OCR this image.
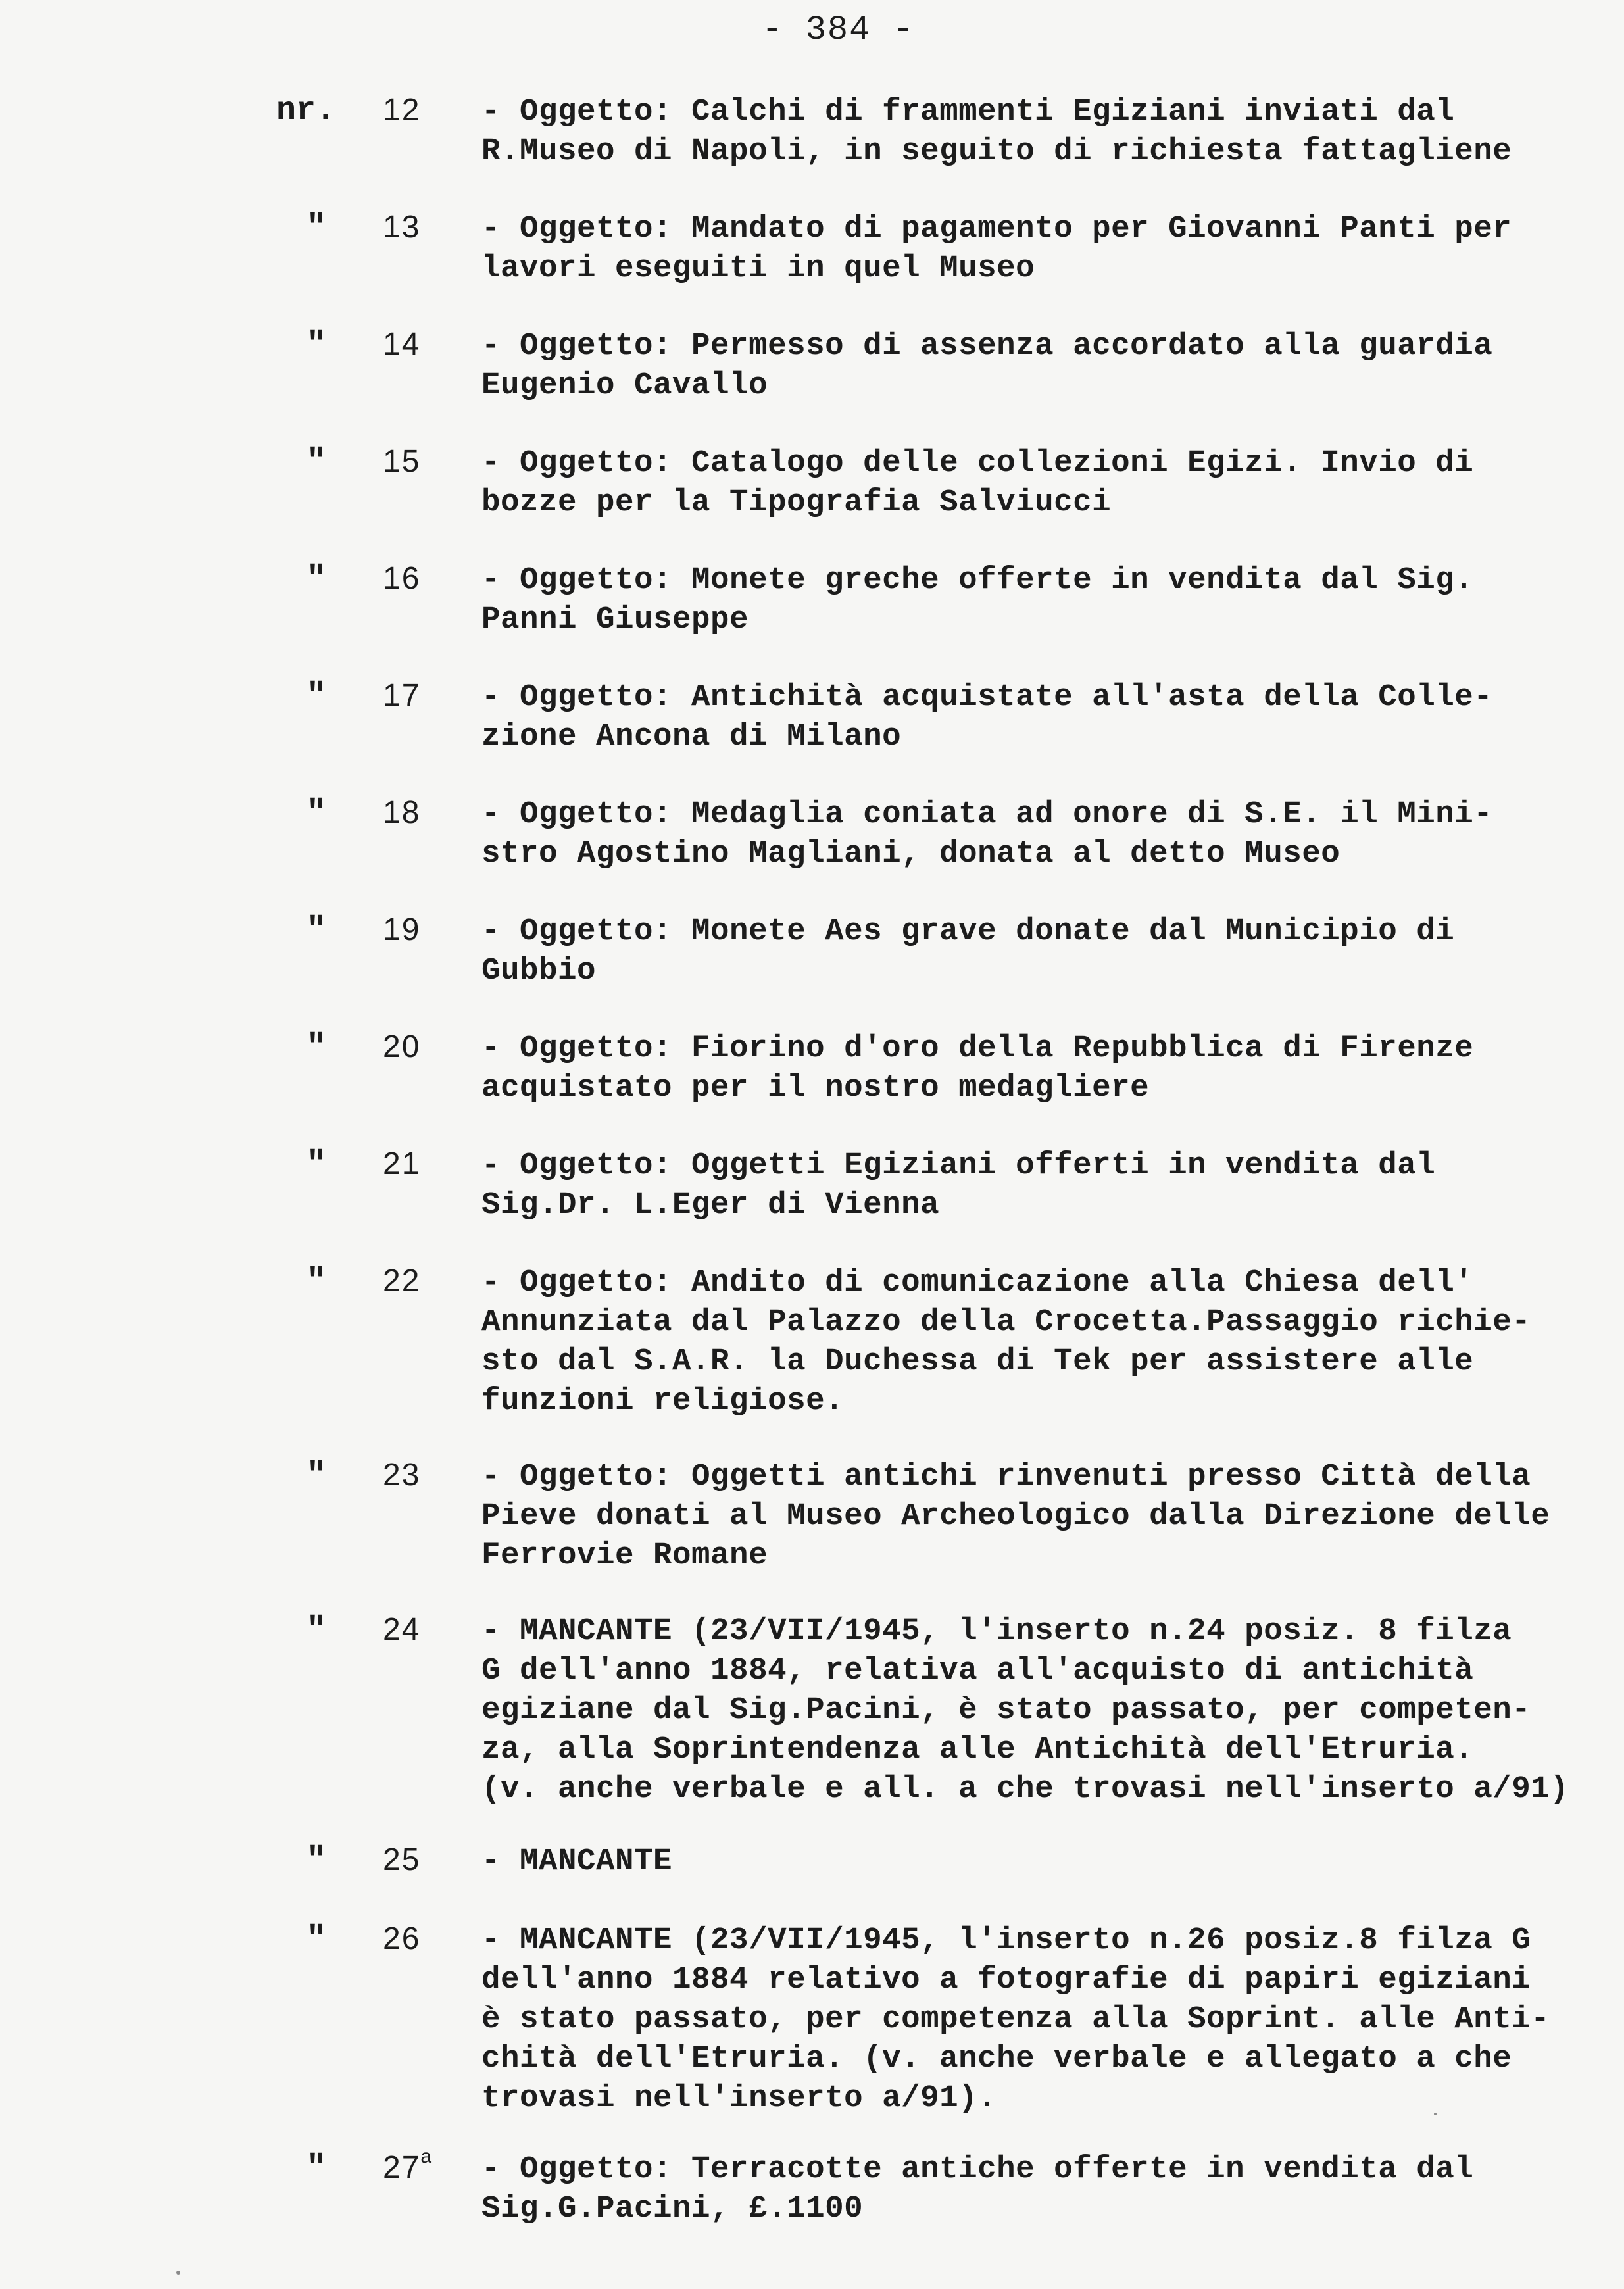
- 384 -
nr. 12 - Oggetto: Calchi di frammenti Egiziani inviati dal
R.Museo di Napoli, in seguito di richiesta fattagliene
" 13 - Oggetto: Mandato di pagamento per Giovanni Panti per
lavori eseguiti in quel Museo
" 14 - Oggetto: Permesso di assenza accordato alla guardia
Eugenio Cavallo
" 15 - Oggetto: Catalogo delle collezioni Egizi. Invio di
bozze per la Tipografia Salviucci
" 16 - Oggetto: Monete greche offerte in vendita dal Sig.
Panni Giuseppe
" 17 - Oggetto: Antichità acquistate all'asta della Colle-
zione Ancona di Milano
" 18 - Oggetto: Medaglia coniata ad onore di S.E. il Mini-
stro Agostino Magliani, donata al detto Museo
" 19 - Oggetto: Monete Aes grave donate dal Municipio di
Gubbio
" 20 - Oggetto: Fiorino d'oro della Repubblica di Firenze
acquistato per il nostro medagliere
" 21 - Oggetto: Oggetti Egiziani offerti in vendita dal
Sig.Dr. L.Eger di Vienna
" 22 - Oggetto: Andito di comunicazione alla Chiesa dell'
Annunziata dal Palazzo della Crocetta.Passaggio richie-
sto dal S.A.R. la Duchessa di Tek per assistere alle
funzioni religiose.
" 23 - Oggetto: Oggetti antichi rinvenuti presso Città della
Pieve donati al Museo Archeologico dalla Direzione delle
Ferrovie Romane
" 24 - MANCANTE (23/VII/1945, l'inserto n.24 posiz. 8 filza
G dell'anno 1884, relativa all'acquisto di antichità
egiziane dal Sig.Pacini, è stato passato, per competen-
za, alla Soprintendenza alle Antichità dell'Etruria.
(v. anche verbale e all. a che trovasi nell'inserto a/91)
" 25 - MANCANTE
" 26 - MANCANTE (23/VII/1945, l'inserto n.26 posiz.8 filza G
dell'anno 1884 relativo a fotografie di papiri egiziani
è stato passato, per competenza alla Soprint. alle Anti-
chità dell'Etruria. (v. anche verbale e allegato a che
trovasi nell'inserto a/91).
" 27$^a$ - Oggetto: Terracotte antiche offerte in vendita dal
Sig.G.Pacini, £.1100
